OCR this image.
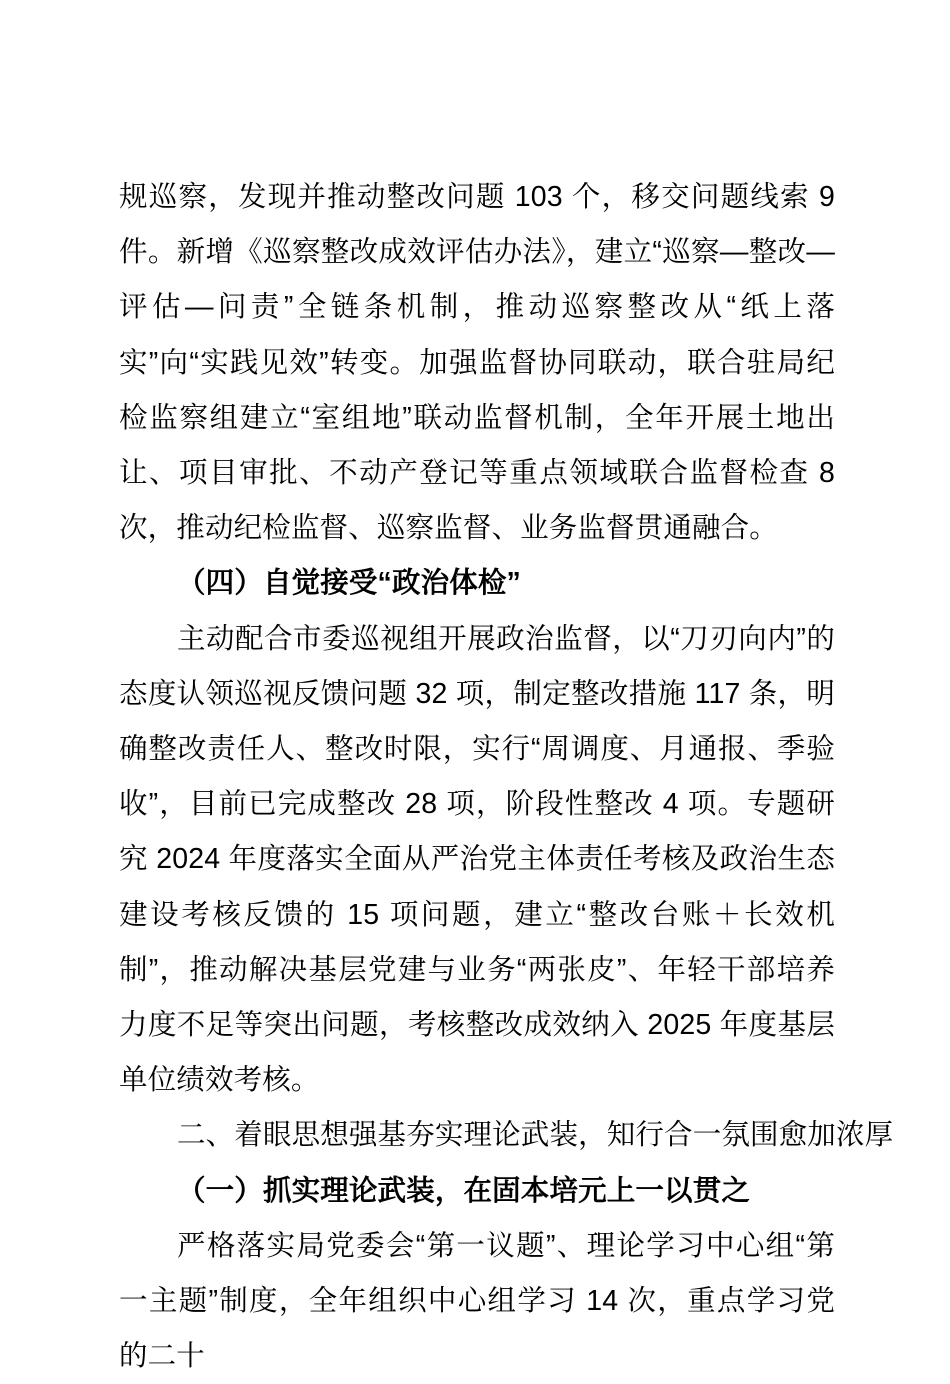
规巡察，发现并推动整改问题 103 个，移交问题线索 9 件。新增《巡察整改成效评估办法》，建立“巡察—整改—评估—问责”全链条机制，推动巡察整改从“纸上落实”向“实践见效”转变。加强监督协同联动，联合驻局纪检监察组建立“室组地”联动监督机制，全年开展土地出让、项目审批、不动产登记等重点领域联合监督检查 8 次，推动纪检监督、巡察监督、业务监督贯通融合。

（四）自觉接受“政治体检”

主动配合市委巡视组开展政治监督，以“刀刃向内”的态度认领巡视反馈问题 32 项，制定整改措施 117 条，明确整改责任人、整改时限，实行“周调度、月通报、季验收”，目前已完成整改 28 项，阶段性整改 4 项。专题研究 2024 年度落实全面从严治党主体责任考核及政治生态建设考核反馈的 15 项问题，建立“整改台账＋长效机制”，推动解决基层党建与业务“两张皮”、年轻干部培养力度不足等突出问题，考核整改成效纳入 2025 年度基层单位绩效考核。

二、着眼思想强基夯实理论武装，知行合一氛围愈加浓厚

（一）抓实理论武装，在固本培元上一以贯之

严格落实局党委会“第一议题”、理论学习中心组“第一主题”制度，全年组织中心组学习 14 次，重点学习党的二十
